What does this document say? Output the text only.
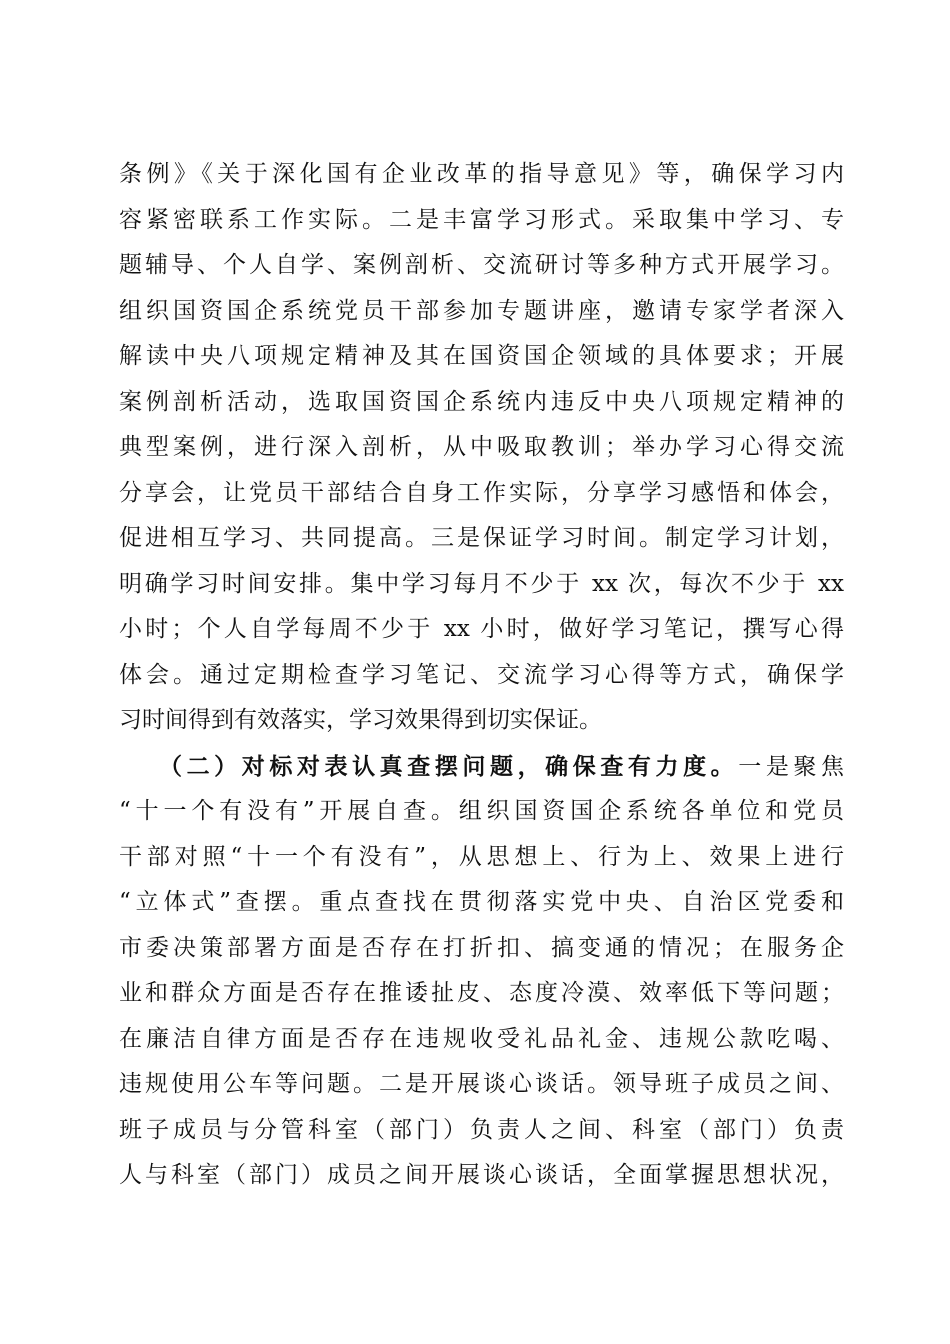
条例》《关于深化国有企业改革的指导意见》等，确保学习内
容紧密联系工作实际。二是丰富学习形式。采取集中学习、专
题辅导、个人自学、案例剖析、交流研讨等多种方式开展学习。
组织国资国企系统党员干部参加专题讲座，邀请专家学者深入
解读中央八项规定精神及其在国资国企领域的具体要求；开展
案例剖析活动，选取国资国企系统内违反中央八项规定精神的
典型案例，进行深入剖析，从中吸取教训；举办学习心得交流
分享会，让党员干部结合自身工作实际，分享学习感悟和体会，
促进相互学习、共同提高。三是保证学习时间。制定学习计划，
明确学习时间安排。集中学习每月不少于 xx 次，每次不少于 xx
小时；个人自学每周不少于 xx 小时，做好学习笔记，撰写心得
体会。通过定期检查学习笔记、交流学习心得等方式，确保学
习时间得到有效落实，学习效果得到切实保证。
（二）对标对表认真查摆问题，确保查有力度。一是聚焦
“十一个有没有”开展自查。组织国资国企系统各单位和党员
干部对照“十一个有没有”，从思想上、行为上、效果上进行
“立体式”查摆。重点查找在贯彻落实党中央、自治区党委和
市委决策部署方面是否存在打折扣、搞变通的情况；在服务企
业和群众方面是否存在推诿扯皮、态度冷漠、效率低下等问题；
在廉洁自律方面是否存在违规收受礼品礼金、违规公款吃喝、
违规使用公车等问题。二是开展谈心谈话。领导班子成员之间、
班子成员与分管科室（部门）负责人之间、科室（部门）负责
人与科室（部门）成员之间开展谈心谈话，全面掌握思想状况，
